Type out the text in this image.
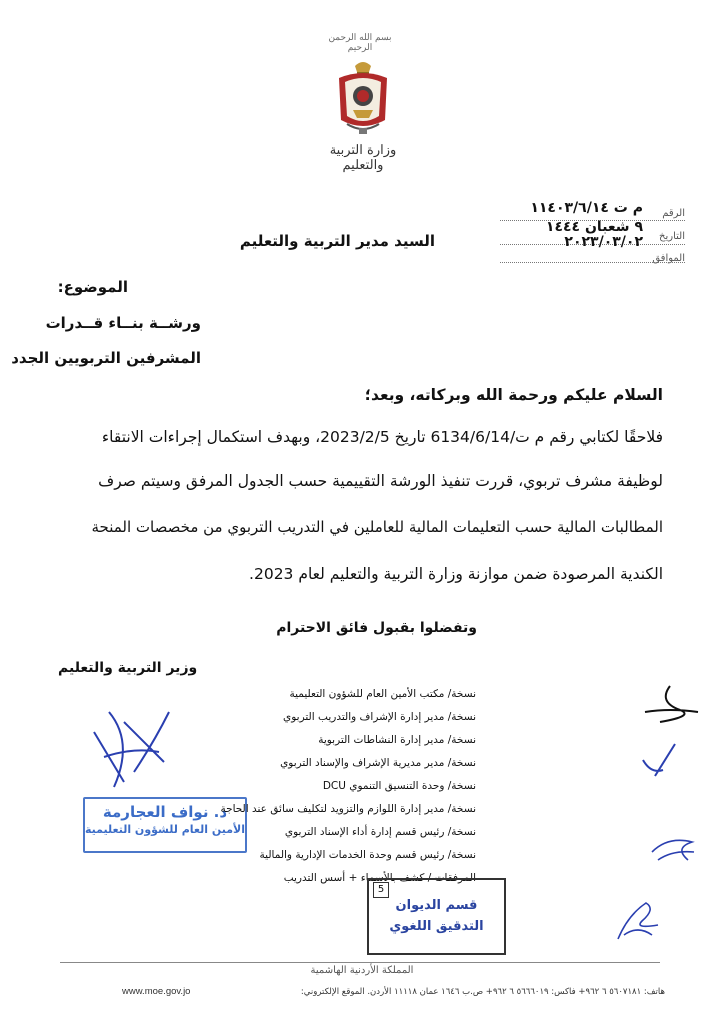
بسم الله الرحمن الرحيم
وزارة التربية والتعليم
الرقم
م ت ١١٤٠٣/٦/١٤
التاريخ
٩ شعبان ١٤٤٤
الموافق
٢٠٢٣/٠٣/٠٢
السيد مدير التربية والتعليم
الموضوع:
ورشــة بنــاء قــدرات
المشرفين التربويين الجدد
السلام عليكم ورحمة الله وبركاته، وبعد؛
فلاحقًا لكتابي رقم م ت/6134/6/14 تاريخ 2023/2/5، وبهدف استكمال إجراءات الانتقاء
لوظيفة مشرف تربوي، قررت تنفيذ الورشة التقييمية حسب الجدول المرفق وسيتم صرف
المطالبات المالية حسب التعليمات المالية للعاملين في التدريب التربوي من مخصصات المنحة
الكندية المرصودة ضمن موازنة وزارة التربية والتعليم لعام 2023.
وتفضلوا بقبول فائق الاحترام
وزير التربية والتعليم
د. نواف العجارمة
الأمين العام للشؤون التعليمية
نسخة/ مكتب الأمين العام للشؤون التعليمية
نسخة/ مدير إدارة الإشراف والتدريب التربوي
نسخة/ مدير إدارة النشاطات التربوية
نسخة/ مدير مديرية الإشراف والإسناد التربوي
نسخة/ وحدة التنسيق التنموي DCU
نسخة/ مدير إدارة اللوازم والتزويد لتكليف سائق عند الحاجة
نسخة/ رئيس قسم إدارة أداء الإسناد التربوي
نسخة/ رئيس قسم وحدة الخدمات الإدارية والمالية
المرفقات / كشف بالأسماء + أسس التدريب
5
قسم الديوان
التدقيق اللغوي
المملكة الأردنية الهاشمية
هاتف: ٥٦٠٧١٨١ ٦ ٩٦٢+ فاكس: ٥٦٦٦٠١٩ ٦ ٩٦٢+ ص.ب ١٦٤٦ عمان ١١١١٨ الأردن. الموقع الإلكتروني:
www.moe.gov.jo
